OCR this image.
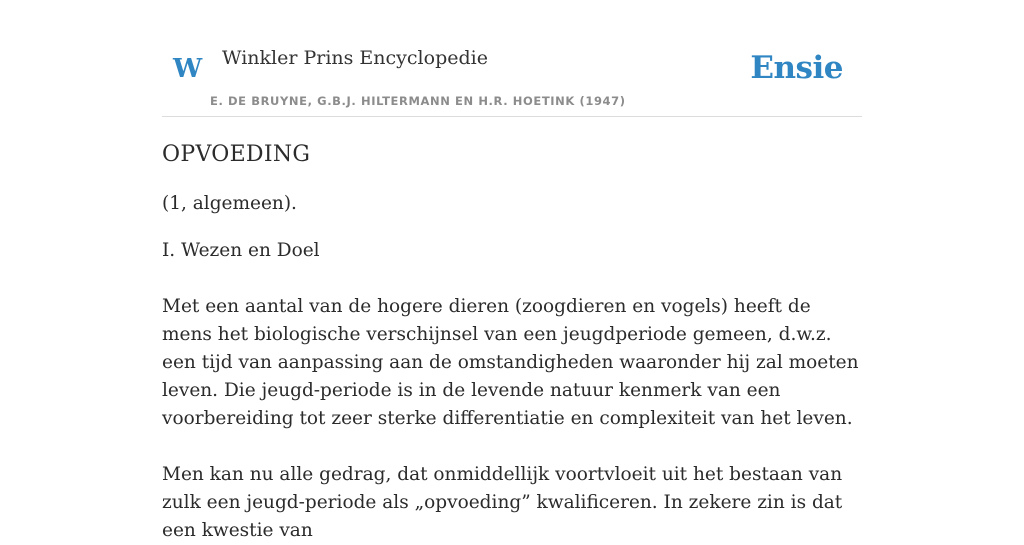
W Winkler Prins Encyclopedie
E. DE BRUYNE, G.B.J. HILTERMANN EN H.R. HOETINK (1947)
Ensie
OPVOEDING

(1, algemeen).

I. Wezen en Doel

Met een aantal van de hogere dieren (zoogdieren en vogels) heeft de mens het biologische verschijnsel van een jeugdperiode gemeen, d.w.z. een tijd van aanpassing aan de omstandigheden waaronder hij zal moeten leven. Die jeugd-periode is in de levende natuur kenmerk van een voorbereiding tot zeer sterke differentiatie en complexiteit van het leven.

Men kan nu alle gedrag, dat onmiddellijk voortvloeit uit het bestaan van zulk een jeugd-periode als „opvoeding” kwalificeren. In zekere zin is dat een kwestie van
